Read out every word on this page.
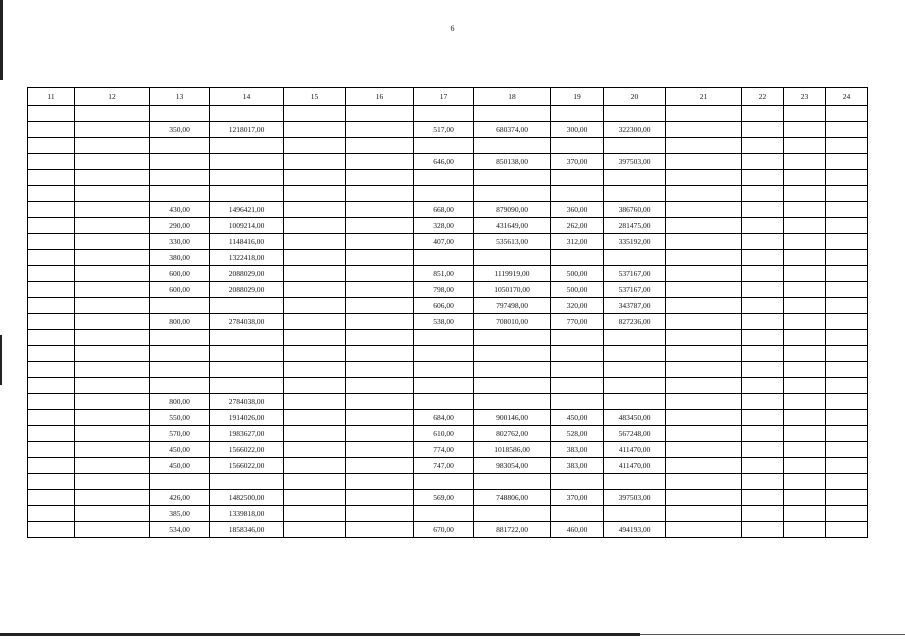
6
11	12	13	14	15	16	17	18	19	20	21	22	23	24

		350,00	1218017,00			517,00	680374,00	300,00	322300,00				

						646,00	850138,00	370,00	397503,00				

		430,00	1496421,00			668,00	879090,00	360,00	386760,00				
		290,00	1009214,00			328,00	431649,00	262,00	281475,00				
		330,00	1148416,00			407,00	535613,00	312,00	335192,00				
		380,00	1322418,00										
		600,00	2088029,00			851,00	1119919,00	500,00	537167,00				
		600,00	2088029,00			798,00	1050170,00	500,00	537167,00				
						606,00	797498,00	320,00	343787,00				
		800,00	2784038,00			538,00	708010,00	770,00	827236,00				

		800,00	2784038,00										
		550,00	1914026,00			684,00	900146,00	450,00	483450,00				
		570,00	1983627,00			610,00	802762,00	528,00	567248,00				
		450,00	1566022,00			774,00	1018586,00	383,00	411470,00				
		450,00	1566022,00			747,00	983054,00	383,00	411470,00				

		426,00	1482500,00			569,00	748806,00	370,00	397503,00				
		385,00	1339818,00										
		534,00	1858346,00			670,00	881722,00	460,00	494193,00				
